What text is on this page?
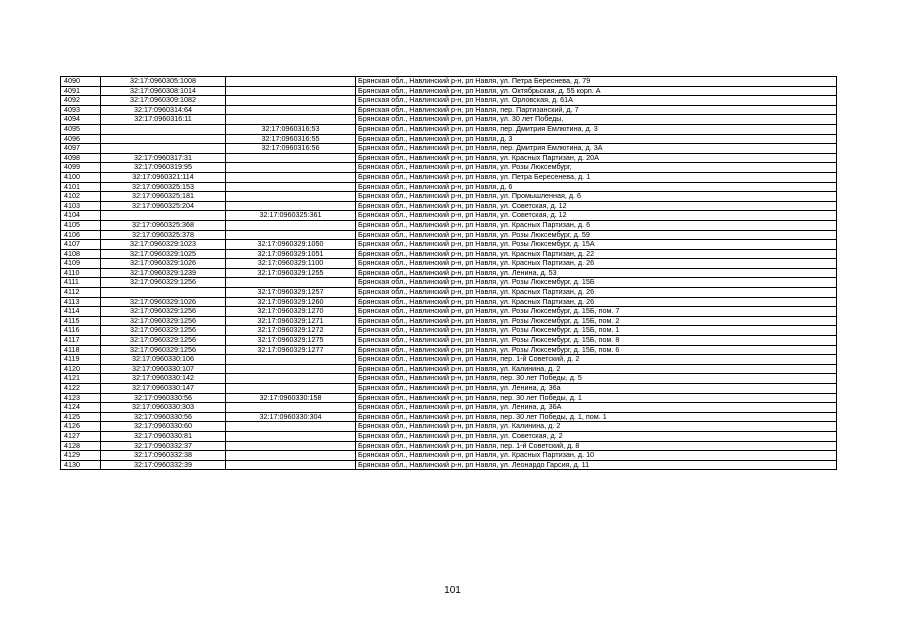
4090	32:17:0960305:1008		Брянская обл., Навлинский р-н, рп Навля, ул. Петра Береснева, д. 79
4091	32:17:0960308:1014		Брянская обл., Навлинский р-н, рп Навля, ул. Октябрьская, д. 55 корп. А
4092	32:17:0960309:1082		Брянская обл., Навлинский р-н, рп Навля, ул. Орловская, д. 61А
4093	32:17:0960314:64		Брянская обл., Навлинский р-н, рп Навля, пер. Партизанский, д. 7
4094	32:17:0960316:11		Брянская обл., Навлинский р-н, рп Навля, ул. 30 лет Победы,
4095		32:17:0960316:53	Брянская обл., Навлинский р-н, рп Навля, пер. Дмитрия Емлютина, д. 3
4096		32:17:0960316:55	Брянская обл., Навлинский р-н, рп Навля, д. 3
4097		32:17:0960316:56	Брянская обл., Навлинский р-н, рп Навля, пер. Дмитрия Емлютина, д. 3А
4098	32:17:0960317:31		Брянская обл., Навлинский р-н, рп Навля, ул. Красных Партизан, д. 20А
4099	32:17:0960319:95		Брянская обл., Навлинский р-н, рп Навля, ул. Розы Люксембург,
4100	32:17:0960321:114		Брянская обл., Навлинский р-н, рп Навля, ул. Петра Бересенева, д. 1
4101	32:17:0960325:153		Брянская обл., Навлинский р-н, рп Навля, д. 6
4102	32:17:0960325:181		Брянская обл., Навлинский р-н, рп Навля, ул. Промышленная, д. 6
4103	32:17:0960325:204		Брянская обл., Навлинский р-н, рп Навля, ул. Советская, д. 12
4104		32:17:0960325:361	Брянская обл., Навлинский р-н, рп Навля, ул. Советская, д. 12
4105	32:17:0960325:368		Брянская обл., Навлинский р-н, рп Навля, ул. Красных Партизан, д. 6
4106	32:17:0960325:378		Брянская обл., Навлинский р-н, рп Навля, ул. Розы Люксембург, д. 59
4107	32:17:0960329:1023	32:17:0960329:1050	Брянская обл., Навлинский р-н, рп Навля, ул. Розы Люксембург, д. 15А
4108	32:17:0960329:1025	32:17:0960329:1051	Брянская обл., Навлинский р-н, рп Навля, ул. Красных Партизан, д. 22
4109	32:17:0960329:1026	32:17:0960329:1100	Брянская обл., Навлинский р-н, рп Навля, ул. Красных Партизан, д. 26
4110	32:17:0960329:1239	32:17:0960329:1255	Брянская обл., Навлинский р-н, рп Навля, ул. Ленина, д. 53
4111	32:17:0960329:1256		Брянская обл., Навлинский р-н, рп Навля, ул. Розы Люксембург, д. 15Б
4112		32:17:0960329:1257	Брянская обл., Навлинский р-н, рп Навля, ул. Красных Партизан, д. 26
4113	32:17:0960329:1026	32:17:0960329:1260	Брянская обл., Навлинский р-н, рп Навля, ул. Красных Партизан, д. 26
4114	32:17:0960329:1256	32:17:0960329:1270	Брянская обл., Навлинский р-н, рп Навля, ул. Розы Люксембург, д. 15Б, пом. 7
4115	32:17:0960329:1256	32:17:0960329:1271	Брянская обл., Навлинский р-н, рп Навля, ул. Розы Люксембург, д. 15Б, пом. 2
4116	32:17:0960329:1256	32:17:0960329:1272	Брянская обл., Навлинский р-н, рп Навля, ул. Розы Люксембург, д. 15Б, пом. 1
4117	32:17:0960329:1256	32:17:0960329:1275	Брянская обл., Навлинский р-н, рп Навля, ул. Розы Люксембург, д. 15Б, пом. 8
4118	32:17:0960329:1256	32:17:0960329:1277	Брянская обл., Навлинский р-н, рп Навля, ул. Розы Люксембург, д. 15Б, пом. 6
4119	32:17:0960330:106		Брянская обл., Навлинский р-н, рп Навля, пер. 1-й Советский, д. 2
4120	32:17:0960330:107		Брянская обл., Навлинский р-н, рп Навля, ул. Калинина, д. 2
4121	32:17:0960330:142		Брянская обл., Навлинский р-н, рп Навля, пер. 30 лет Победы, д. 5
4122	32:17:0960330:147		Брянская обл., Навлинский р-н, рп Навля, ул. Ленина, д. 36а
4123	32:17:0960330:56	32:17:0960330:158	Брянская обл., Навлинский р-н, рп Навля, пер. 30 лет Победы, д. 1
4124	32:17:0960330:303		Брянская обл., Навлинский р-н, рп Навля, ул. Ленина, д. 36А
4125	32:17:0960330:56	32:17:0960330:304	Брянская обл., Навлинский р-н, рп Навля, пер. 30 лет Победы, д. 1, пом. 1
4126	32:17:0960330:60		Брянская обл., Навлинский р-н, рп Навля, ул. Калинина, д. 2
4127	32:17:0960330:81		Брянская обл., Навлинский р-н, рп Навля, ул. Советская, д. 2
4128	32:17:0960332:37		Брянская обл., Навлинский р-н, рп Навля, пер. 1-й Советский, д. 8
4129	32:17:0960332:38		Брянская обл., Навлинский р-н, рп Навля, ул. Красных Партизан, д. 10
4130	32:17:0960332:39		Брянская обл., Навлинский р-н, рп Навля, ул. Леонардо Гарсия, д. 11
101
